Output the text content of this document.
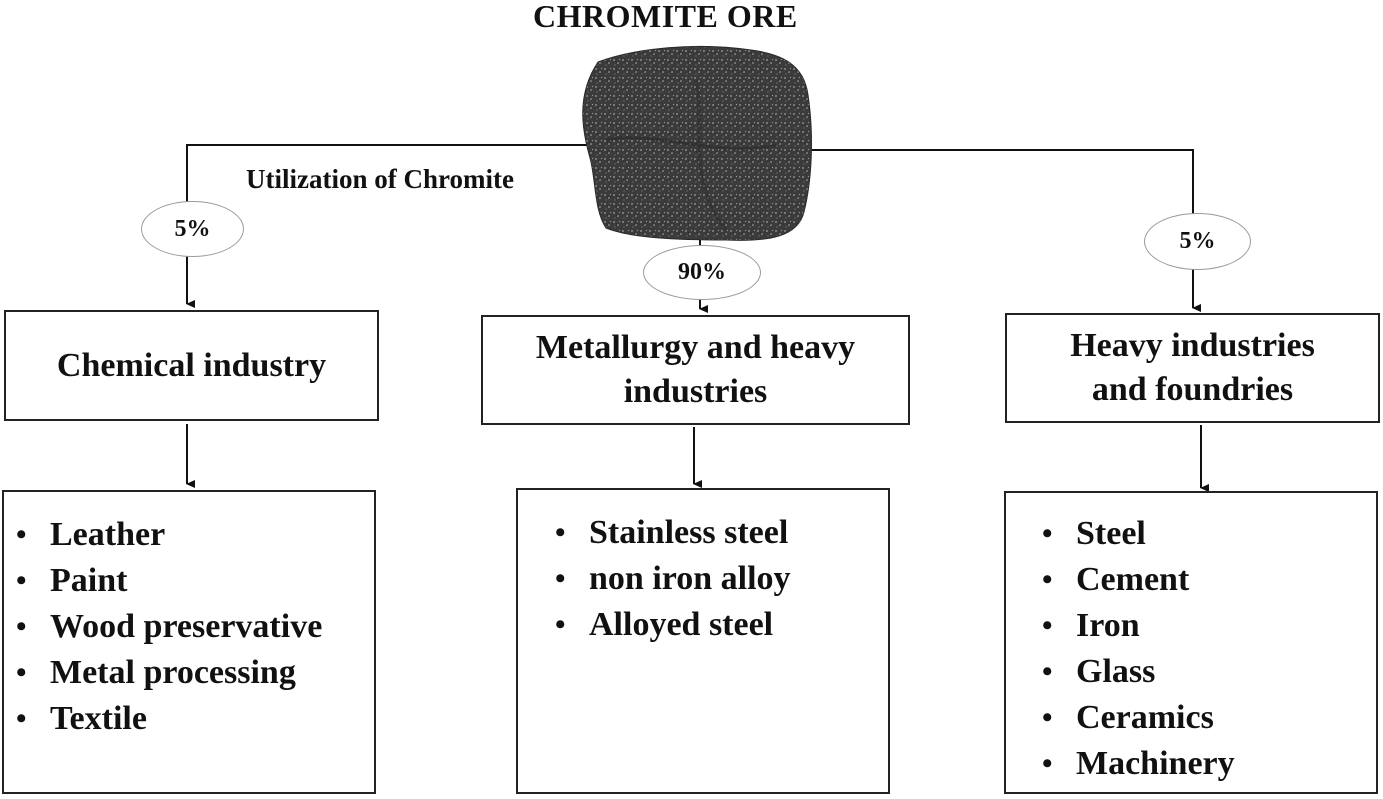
CHROMITE ORE
Utilization of Chromite
5%
90%
5%
Chemical industry	Metallurgy and heavy industries
Heavy industries and foundries
• Leather
• Paint
• Wood preservative
• Metal processing
• Textile
• Stainless steel
• non iron alloy
• Alloyed steel
• Steel
• Cement
• Iron
• Glass
• Ceramics
• Machinery
